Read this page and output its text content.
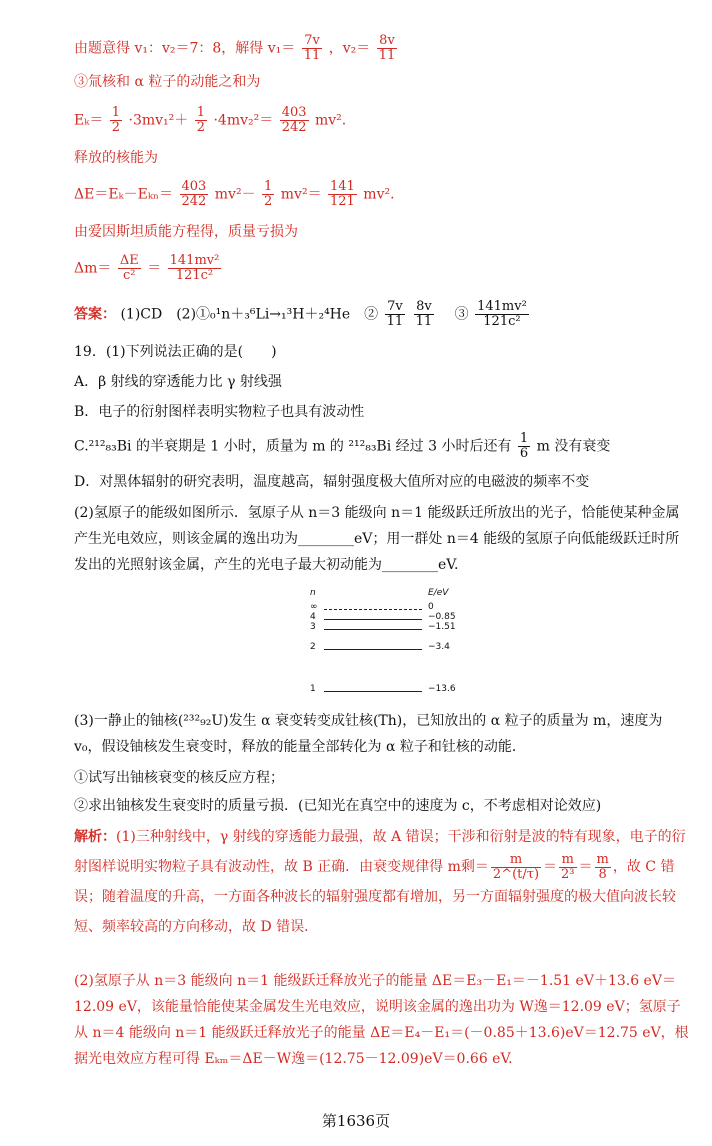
由题意得 v₁：v₂＝7：8，解得 $v_1= \frac{7v}{11}$ ，$v_2= \frac{8v}{11}$
③氚核和 α 粒子的动能之和为
$E_k= \frac{1}{2} \cdot 3mv_1^2+ \frac{1}{2} \cdot 4mv_2^2= \frac{403}{242} mv^2$.
释放的核能为
$\Delta E=E_k-E_{kn}= \frac{403}{242} mv^2- \frac{1}{2} mv^2= \frac{141}{121} mv^2$.
由爱因斯坦质能方程得，质量亏损为
$\Delta m= \frac{\Delta E}{\text{c²}} = \frac{\text{141mv²}}{\text{121c²}}$
答案： (1)CD　(2)①₀¹n＋₃⁶Li→₁³H＋₂⁴He　② $\frac{7v}{11}$
$\frac{8v}{11}$ 　③ $\frac{\text{141mv²}}{\text{121c²}}$
19．(1)下列说法正确的是(　　)
A．β 射线的穿透能力比 γ 射线强
B．电子的衍射图样表明实物粒子也具有波动性
C.²¹²₈₃Bi 的半衰期是 1 小时，质量为 m 的 ²¹²₈₃Bi 经过 3 小时后还有 $\frac{1}{6}$ m 没有衰变
D．对黑体辐射的研究表明，温度越高，辐射强度极大值所对应的电磁波的频率不变
(2)氢原子的能级如图所示．氢原子从 n＝3 能级向 n＝1 能级跃迁所放出的光子，恰能使某种金属产生光电效应，则该金属的逸出功为________eV；用一群处 n＝4 能级的氢原子向低能级跃迁时所发出的光照射该金属，产生的光电子最大初动能为________eV.
n	E/eV
∞	0
4	−0.85
3	−1.51
2	−3.4
1	−13.6
(3)一静止的铀核(²³²₉₂U)发生 α 衰变转变成钍核(Th)，已知放出的 α 粒子的质量为 m，速度为 v₀，假设铀核发生衰变时，释放的能量全部转化为 α 粒子和钍核的动能．
①试写出铀核衰变的核反应方程；
②求出铀核发生衰变时的质量亏损．(已知光在真空中的速度为 c，不考虑相对论效应)
解析：(1)三种射线中，γ 射线的穿透能力最强，故 A 错误；干涉和衍射是波的特有现象，电子的衍射图样说明实物粒子具有波动性，故 B 正确．由衰变规律得 m剩＝ $\frac{m}{2\^{}(t/\tau)} = \frac{m}{\text{2³}} = \frac{m}{8}$ ，故 C 错误；随着温度的升高，一方面各种波长的辐射强度都有增加，另一方面辐射强度的极大值向波长较短、频率较高的方向移动，故 D 错误．
(2)氢原子从 n＝3 能级向 n＝1 能级跃迁释放光子的能量 ΔE＝E₃－E₁＝－1.51 eV＋13.6 eV＝12.09 eV，该能量恰能使某金属发生光电效应，说明该金属的逸出功为 W逸＝12.09 eV；氢原子从 n＝4 能级向 n＝1 能级跃迁释放光子的能量 ΔE＝E₄－E₁＝(－0.85＋13.6)eV＝12.75 eV，根据光电效应方程可得 Eₖₘ＝ΔE－W逸＝(12.75－12.09)eV＝0.66 eV.
第1636页
